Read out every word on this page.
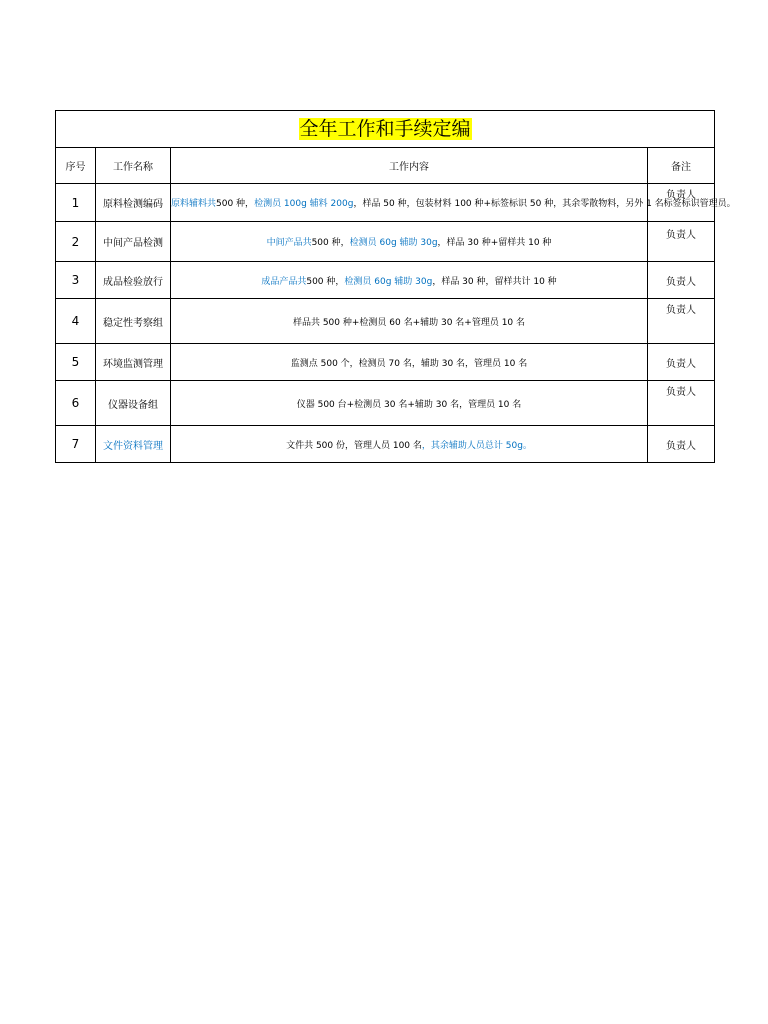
全年工作和手续定编			
序号	工作名称	工作内容	备注
1	原料检测编码	原料辅料共500 种，检测员 100g 辅料 200g，样品 50 种，包装材料 100 种+标签标识 50 种，其余零散物料，另外 1 名标签标识管理员。	负责人
2	中间产品检测	中间产品共500 种，检测员 60g 辅助 30g，样品 30 种+留样共 10 种	负责人
3	成品检验放行	成品产品共500 种，检测员 60g 辅助 30g，样品 30 种，留样共计 10 种	负责人
4	稳定性考察组	样品共 500 种+检测员 60 名+辅助 30 名+管理员 10 名	负责人
5	环境监测管理	监测点 500 个，检测员 70 名，辅助 30 名，管理员 10 名	负责人
6	仪器设备组	仪器 500 台+检测员 30 名+辅助 30 名，管理员 10 名	负责人
7	文件资料管理	文件共 500 份，管理人员 100 名，其余辅助人员总计 50g。	负责人
